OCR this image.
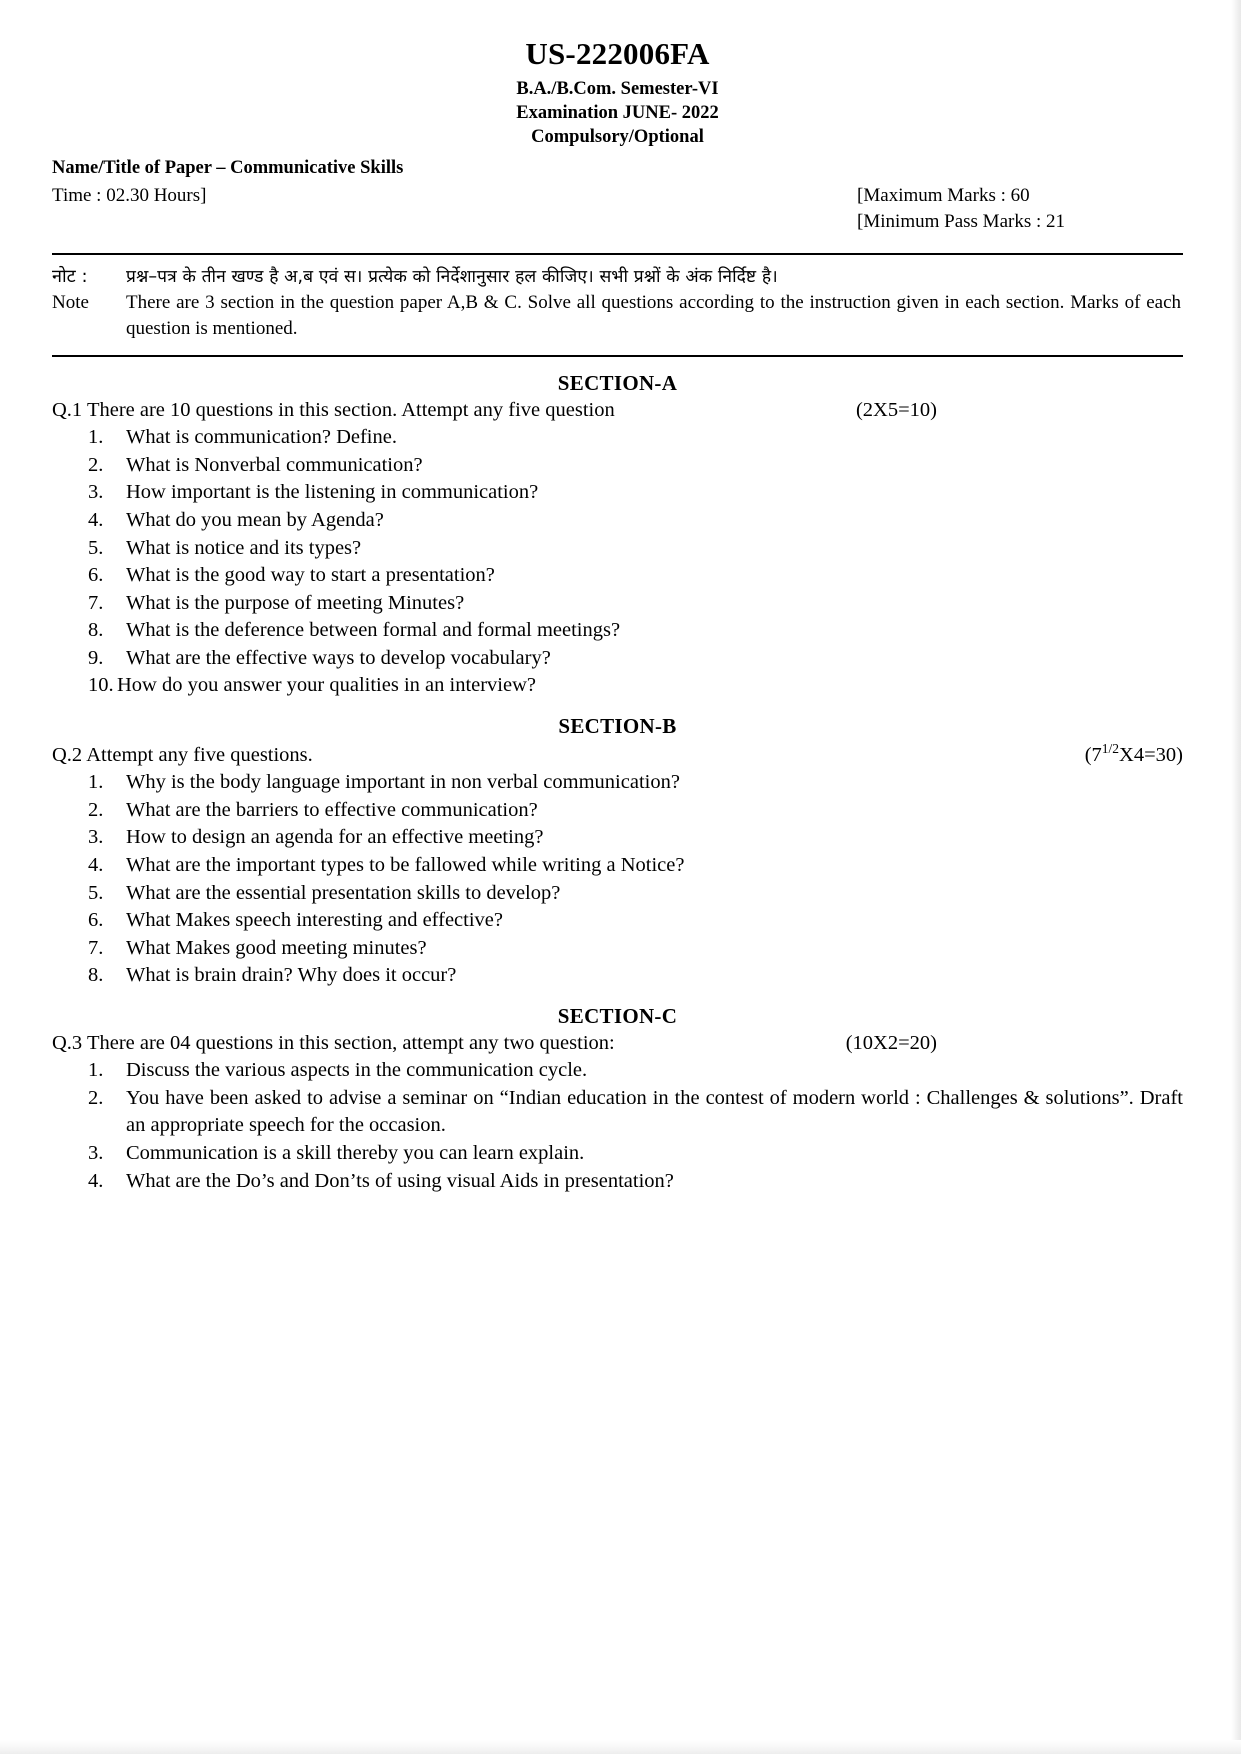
US-222006FA
B.A./B.Com. Semester-VI
Examination JUNE- 2022
Compulsory/Optional
Name/Title of Paper – Communicative Skills
Time : 02.30 Hours]	[Maximum Marks : 60
[Minimum Pass Marks : 21
नोट :	प्रश्न–पत्र के तीन खण्ड है अ,ब एवं स। प्रत्येक को निर्देशानुसार हल कीजिए। सभी प्रश्नों के अंक निर्दिष्ट है।
Note	There are 3 section in the question paper A,B & C. Solve all questions according to the instruction given in each section. Marks of each question is mentioned.
SECTION-A
Q.1 There are 10 questions in this section. Attempt any five question	(2X5=10)
1.	What is communication? Define.
2.	What is Nonverbal communication?
3.	How important is the listening in communication?
4.	What do you mean by Agenda?
5.	What is notice and its types?
6.	What is the good way to start a presentation?
7.	What is the purpose of meeting Minutes?
8.	What is the deference between formal and formal meetings?
9.	What are the effective ways to develop vocabulary?
10. How do you answer your qualities in an interview?
SECTION-B
Q.2 Attempt any five questions.	$(7^{1/2}X4=30)$
1.	Why is the body language important in non verbal communication?
2.	What are the barriers to effective communication?
3.	How to design an agenda for an effective meeting?
4.	What are the important types to be fallowed while writing a Notice?
5.	What are the essential presentation skills to develop?
6.	What Makes speech interesting and effective?
7.	What Makes good meeting minutes?
8.	What is brain drain? Why does it occur?
SECTION-C
Q.3 There are 04 questions in this section, attempt any two question:	(10X2=20)
1.	Discuss the various aspects in the communication cycle.
2.	You have been asked to advise a seminar on “Indian education in the contest of modern world : Challenges & solutions”. Draft an appropriate speech for the occasion.
3.	Communication is a skill thereby you can learn explain.
4.	What are the Do’s and Don’ts of using visual Aids in presentation?
